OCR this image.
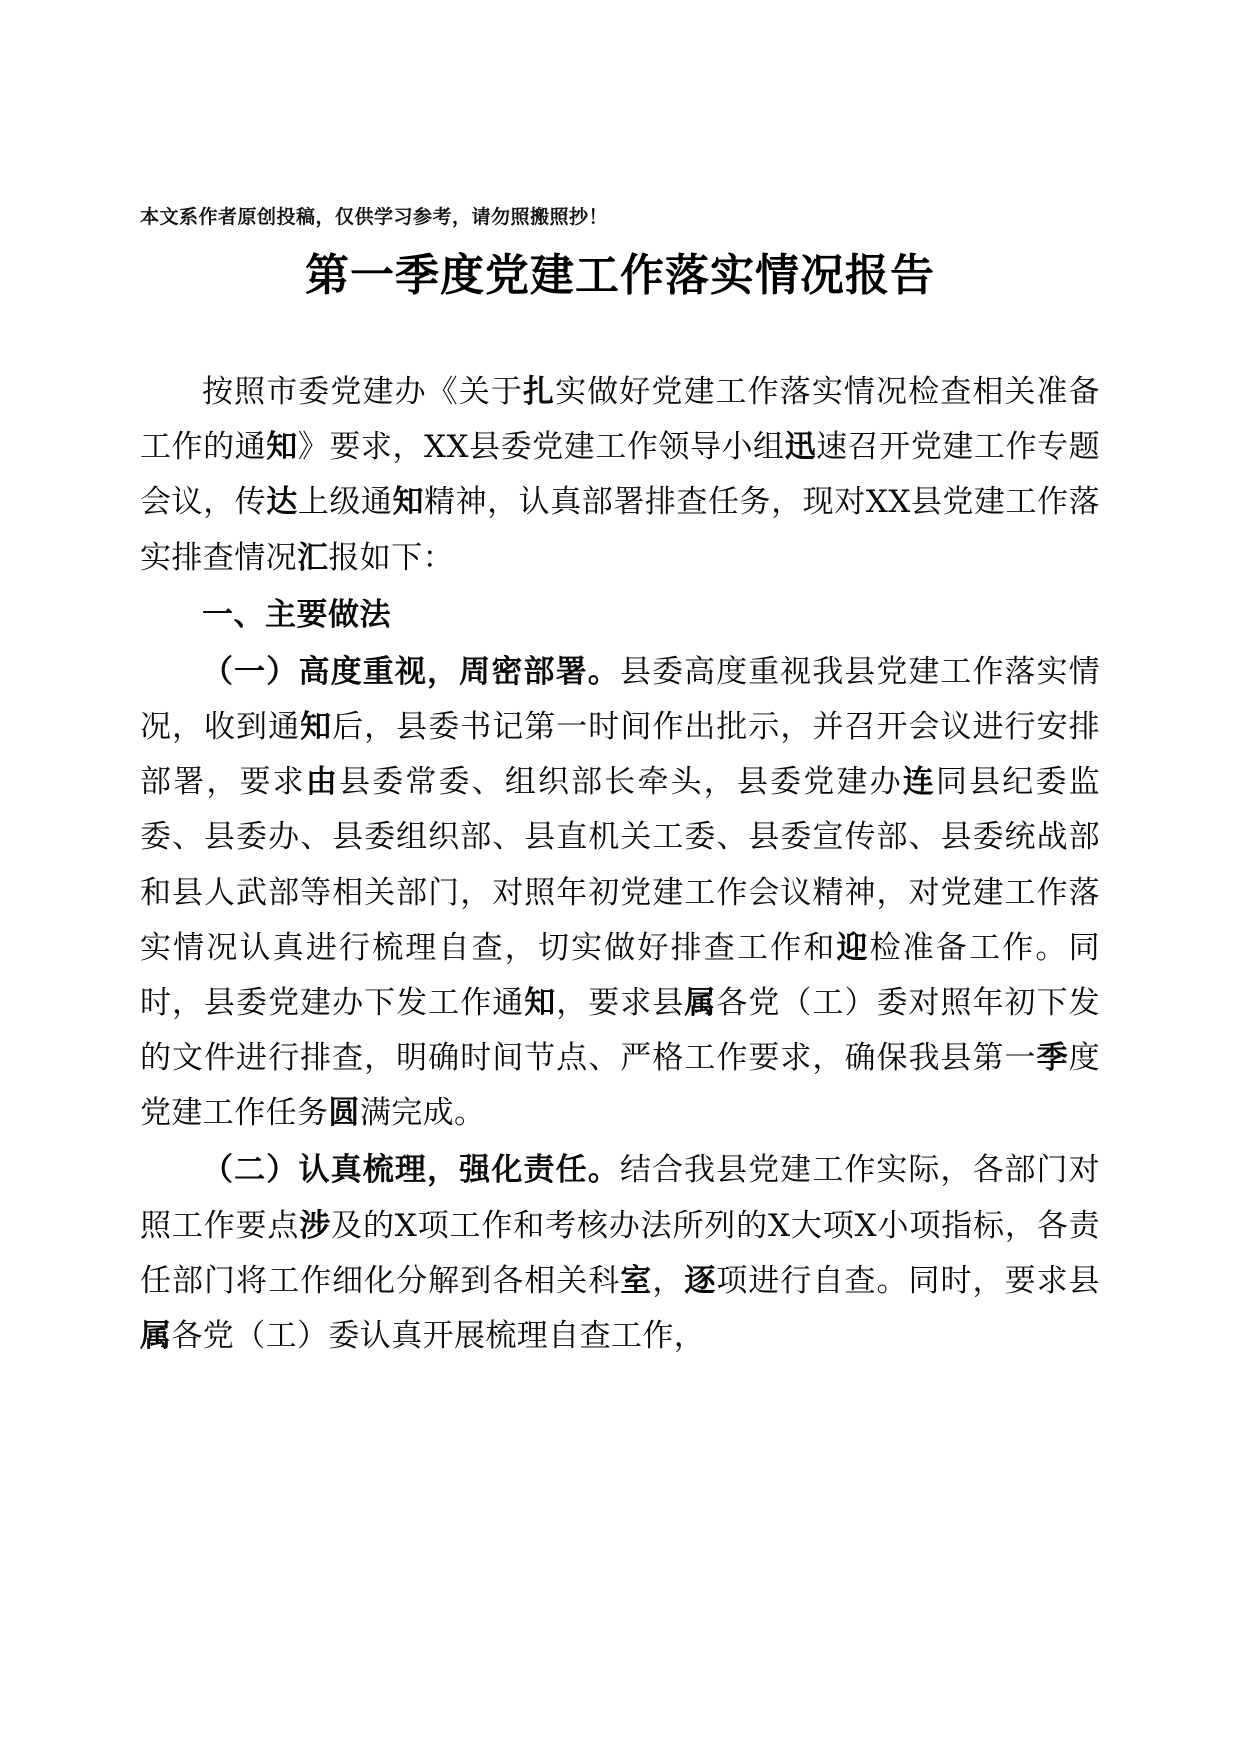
本文系作者原创投稿，仅供学习参考，请勿照搬照抄！

第一季度党建工作落实情况报告

按照市委党建办《关于扎实做好党建工作落实情况检查相关准备工作的通知》要求，XX县委党建工作领导小组迅速召开党建工作专题会议，传达上级通知精神，认真部署排查任务，现对XX县党建工作落实排查情况汇报如下：

一、主要做法

（一）高度重视，周密部署。县委高度重视我县党建工作落实情况，收到通知后，县委书记第一时间作出批示，并召开会议进行安排部署，要求由县委常委、组织部长牵头，县委党建办连同县纪委监委、县委办、县委组织部、县直机关工委、县委宣传部、县委统战部和县人武部等相关部门，对照年初党建工作会议精神，对党建工作落实情况认真进行梳理自查，切实做好排查工作和迎检准备工作。同时，县委党建办下发工作通知，要求县属各党（工）委对照年初下发的文件进行排查，明确时间节点、严格工作要求，确保我县第一季度党建工作任务圆满完成。

（二）认真梳理，强化责任。结合我县党建工作实际，各部门对照工作要点涉及的X项工作和考核办法所列的X大项X小项指标，各责任部门将工作细化分解到各相关科室，逐项进行自查。同时，要求县属各党（工）委认真开展梳理自查工作，
